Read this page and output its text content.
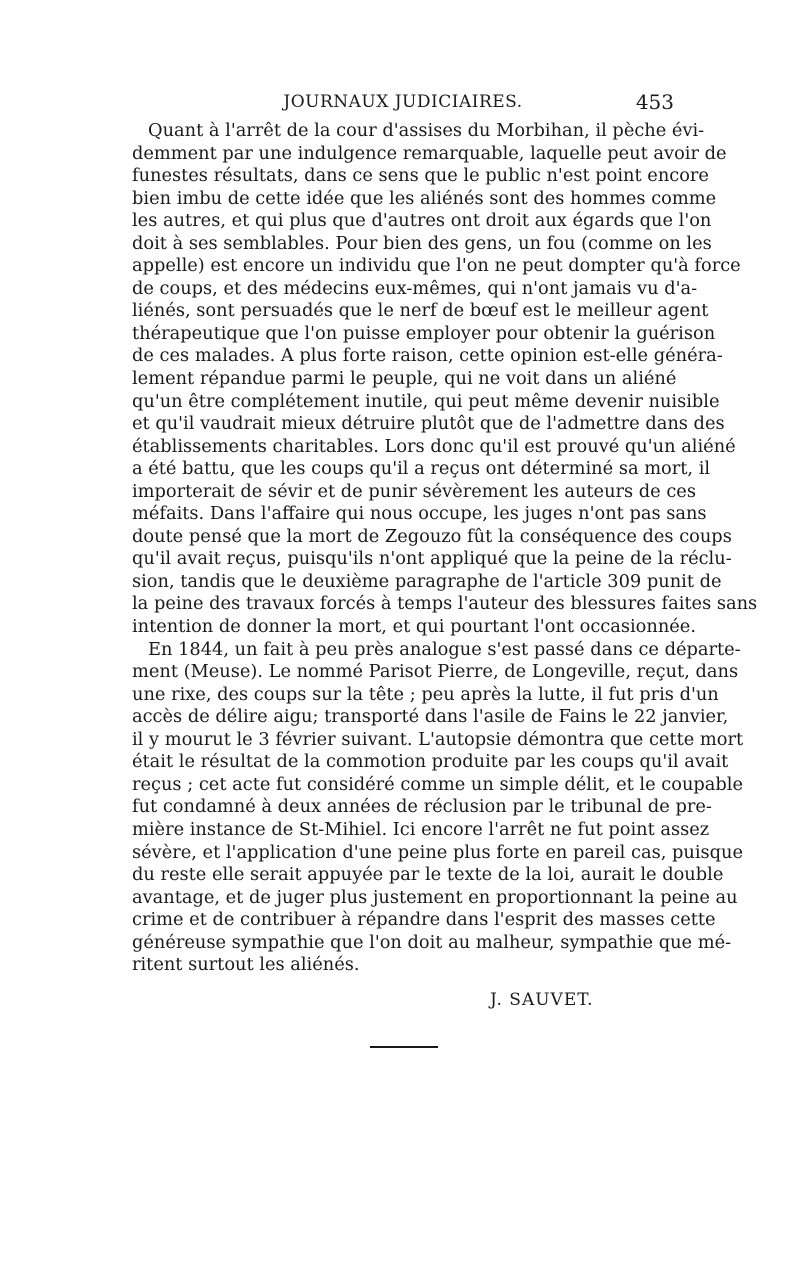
JOURNAUX JUDICIAIRES.	453
Quant à l'arrêt de la cour d'assises du Morbihan, il pèche évi-
demment par une indulgence remarquable, laquelle peut avoir de
funestes résultats, dans ce sens que le public n'est point encore
bien imbu de cette idée que les aliénés sont des hommes comme
les autres, et qui plus que d'autres ont droit aux égards que l'on
doit à ses semblables. Pour bien des gens, un fou (comme on les
appelle) est encore un individu que l'on ne peut dompter qu'à force
de coups, et des médecins eux-mêmes, qui n'ont jamais vu d'a-
liénés, sont persuadés que le nerf de bœuf est le meilleur agent
thérapeutique que l'on puisse employer pour obtenir la guérison
de ces malades. A plus forte raison, cette opinion est-elle généra-
lement répandue parmi le peuple, qui ne voit dans un aliéné
qu'un être complétement inutile, qui peut même devenir nuisible
et qu'il vaudrait mieux détruire plutôt que de l'admettre dans des
établissements charitables. Lors donc qu'il est prouvé qu'un aliéné
a été battu, que les coups qu'il a reçus ont déterminé sa mort, il
importerait de sévir et de punir sévèrement les auteurs de ces
méfaits. Dans l'affaire qui nous occupe, les juges n'ont pas sans
doute pensé que la mort de Zegouzo fût la conséquence des coups
qu'il avait reçus, puisqu'ils n'ont appliqué que la peine de la réclu-
sion, tandis que le deuxième paragraphe de l'article 309 punit de
la peine des travaux forcés à temps l'auteur des blessures faites sans
intention de donner la mort, et qui pourtant l'ont occasionnée.
En 1844, un fait à peu près analogue s'est passé dans ce départe-
ment (Meuse). Le nommé Parisot Pierre, de Longeville, reçut, dans
une rixe, des coups sur la tête ; peu après la lutte, il fut pris d'un
accès de délire aigu; transporté dans l'asile de Fains le 22 janvier,
il y mourut le 3 février suivant. L'autopsie démontra que cette mort
était le résultat de la commotion produite par les coups qu'il avait
reçus ; cet acte fut considéré comme un simple délit, et le coupable
fut condamné à deux années de réclusion par le tribunal de pre-
mière instance de St-Mihiel. Ici encore l'arrêt ne fut point assez
sévère, et l'application d'une peine plus forte en pareil cas, puisque
du reste elle serait appuyée par le texte de la loi, aurait le double
avantage, et de juger plus justement en proportionnant la peine au
crime et de contribuer à répandre dans l'esprit des masses cette
généreuse sympathie que l'on doit au malheur, sympathie que mé-
ritent surtout les aliénés.
J. SAUVET.
